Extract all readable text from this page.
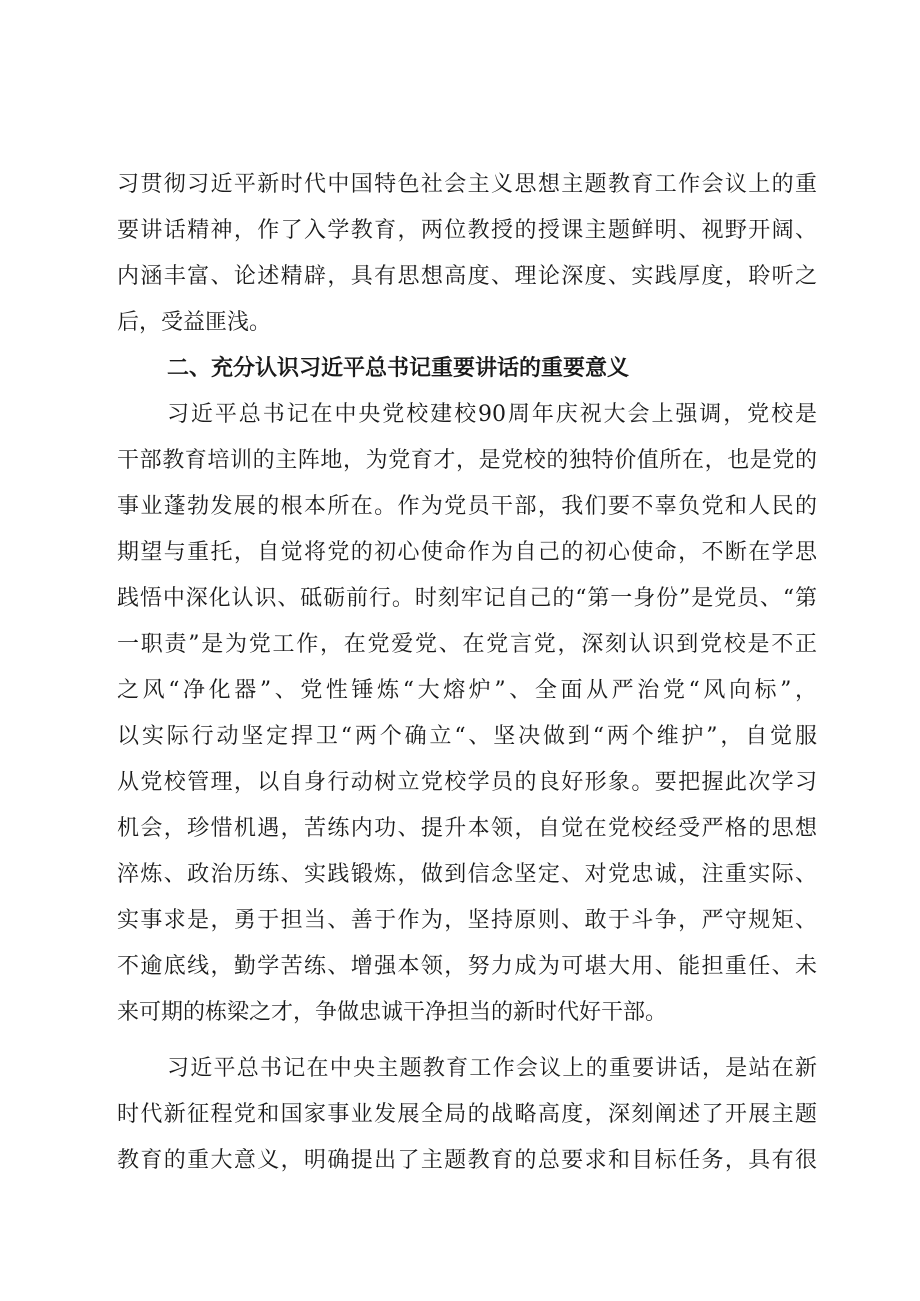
习贯彻习近平新时代中国特色社会主义思想主题教育工作会议上的重
要讲话精神，作了入学教育，两位教授的授课主题鲜明、视野开阔、
内涵丰富、论述精辟，具有思想高度、理论深度、实践厚度，聆听之
后，受益匪浅。
二、充分认识习近平总书记重要讲话的重要意义
习近平总书记在中央党校建校90周年庆祝大会上强调，党校是
干部教育培训的主阵地，为党育才，是党校的独特价值所在，也是党的
事业蓬勃发展的根本所在。作为党员干部，我们要不辜负党和人民的
期望与重托，自觉将党的初心使命作为自己的初心使命，不断在学思
践悟中深化认识、砥砺前行。时刻牢记自己的“第一身份”是党员、“第
一职责”是为党工作，在党爱党、在党言党，深刻认识到党校是不正
之风“净化器”、党性锤炼“大熔炉”、全面从严治党“风向标”，
以实际行动坚定捍卫“两个确立“、坚决做到“两个维护”，自觉服
从党校管理，以自身行动树立党校学员的良好形象。要把握此次学习
机会，珍惜机遇，苦练内功、提升本领，自觉在党校经受严格的思想
淬炼、政治历练、实践锻炼，做到信念坚定、对党忠诚，注重实际、
实事求是，勇于担当、善于作为，坚持原则、敢于斗争，严守规矩、
不逾底线，勤学苦练、增强本领，努力成为可堪大用、能担重任、未
来可期的栋梁之才，争做忠诚干净担当的新时代好干部。
习近平总书记在中央主题教育工作会议上的重要讲话，是站在新
时代新征程党和国家事业发展全局的战略高度，深刻阐述了开展主题
教育的重大意义，明确提出了主题教育的总要求和目标任务，具有很
